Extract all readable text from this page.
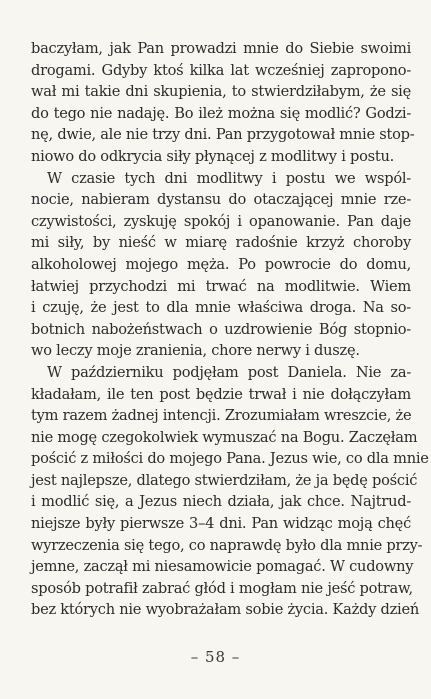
baczyłam, jak Pan prowadzi mnie do Siebie swoimi
drogami. Gdyby ktoś kilka lat wcześniej zapropono-
wał mi takie dni skupienia, to stwierdziłabym, że się
do tego nie nadaję. Bo ileż można się modlić? Godzi-
nę, dwie, ale nie trzy dni. Pan przygotował mnie stop-
niowo do odkrycia siły płynącej z modlitwy i postu.
W czasie tych dni modlitwy i postu we wspól-
nocie, nabieram dystansu do otaczającej mnie rze-
czywistości, zyskuję spokój i opanowanie. Pan daje
mi siły, by nieść w miarę radośnie krzyż choroby
alkoholowej mojego męża. Po powrocie do domu,
łatwiej przychodzi mi trwać na modlitwie. Wiem
i czuję, że jest to dla mnie właściwa droga. Na so-
botnich nabożeństwach o uzdrowienie Bóg stopnio-
wo leczy moje zranienia, chore nerwy i duszę.
W październiku podjęłam post Daniela. Nie za-
kładałam, ile ten post będzie trwał i nie dołączyłam
tym razem żadnej intencji. Zrozumiałam wreszcie, że
nie mogę czegokolwiek wymuszać na Bogu. Zaczęłam
pościć z miłości do mojego Pana. Jezus wie, co dla mnie
jest najlepsze, dlatego stwierdziłam, że ja będę pościć
i modlić się, a Jezus niech działa, jak chce. Najtrud-
niejsze były pierwsze 3–4 dni. Pan widząc moją chęć
wyrzeczenia się tego, co naprawdę było dla mnie przy-
jemne, zaczął mi niesamowicie pomagać. W cudowny
sposób potrafił zabrać głód i mogłam nie jeść potraw,
bez których nie wyobrażałam sobie życia. Każdy dzień
– 58 –
